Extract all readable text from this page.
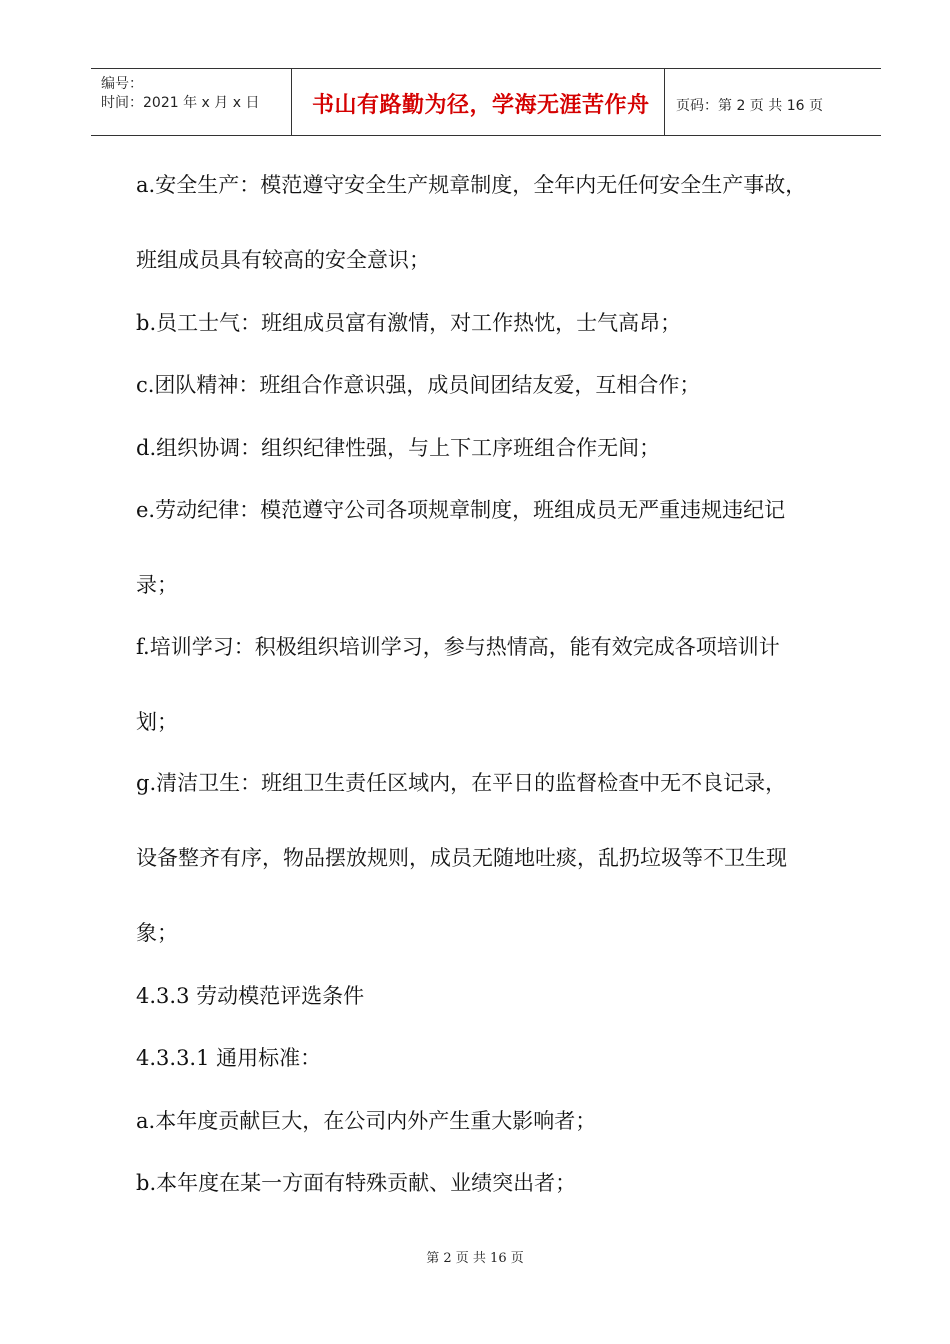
编号：
时间：2021 年 x 月 x 日 书山有路勤为径，学海无涯苦作舟 页码：第 2 页 共 16 页
a.安全生产：模范遵守安全生产规章制度，全年内无任何安全生产事故，
班组成员具有较高的安全意识；
b.员工士气：班组成员富有激情，对工作热忱，士气高昂；
c.团队精神：班组合作意识强，成员间团结友爱，互相合作；
d.组织协调：组织纪律性强，与上下工序班组合作无间；
e.劳动纪律：模范遵守公司各项规章制度，班组成员无严重违规违纪记
录；
f.培训学习：积极组织培训学习，参与热情高，能有效完成各项培训计
划；
g.清洁卫生：班组卫生责任区域内，在平日的监督检查中无不良记录，
设备整齐有序，物品摆放规则，成员无随地吐痰，乱扔垃圾等不卫生现
象；
4.3.3 劳动模范评选条件
4.3.3.1 通用标准：
a.本年度贡献巨大，在公司内外产生重大影响者；
b.本年度在某一方面有特殊贡献、业绩突出者；
第 2 页 共 16 页
